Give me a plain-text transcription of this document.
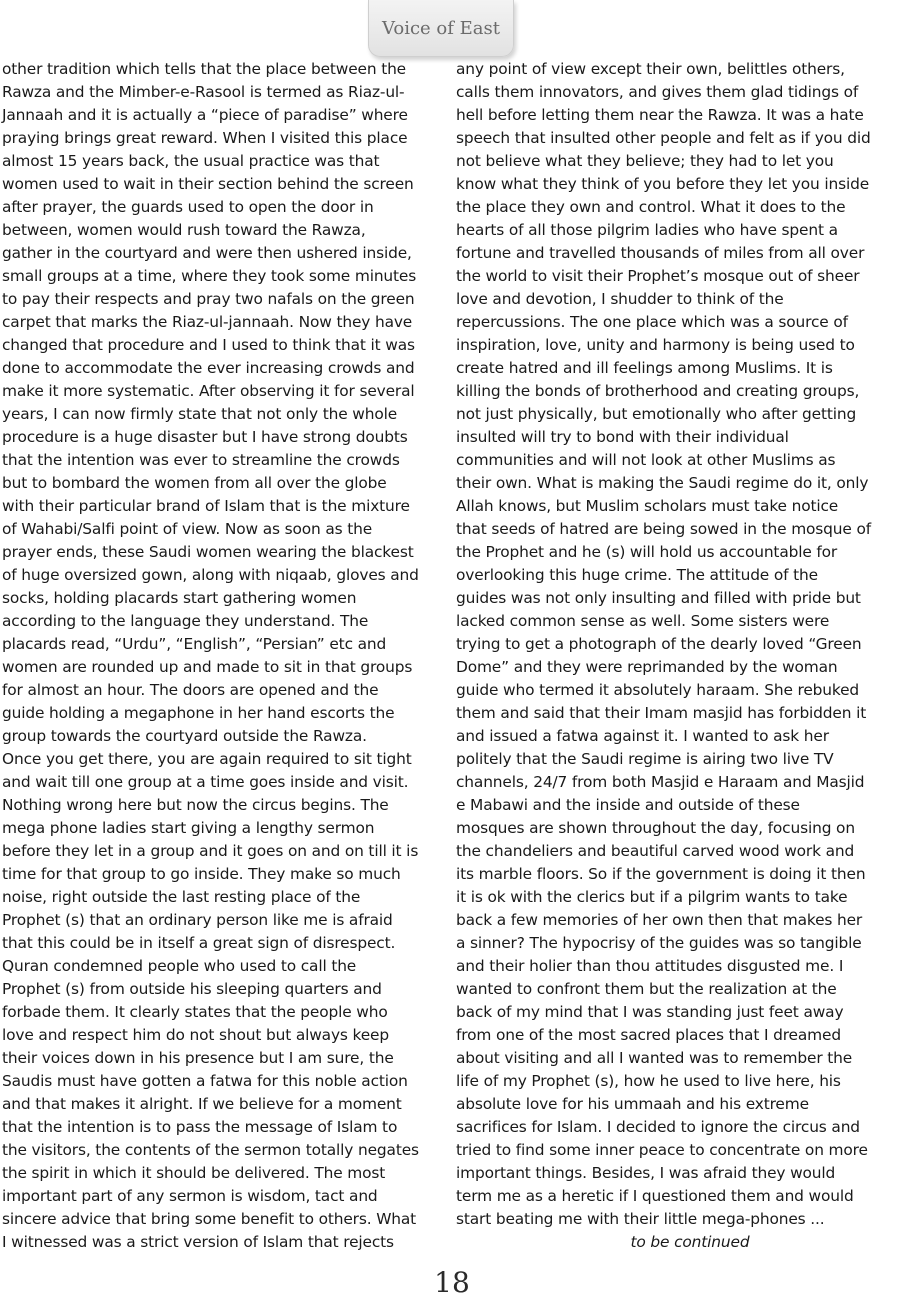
Voice of East
other tradition which tells that the place between the
Rawza and the Mimber-e-Rasool is termed as Riaz-ul-
Jannaah and it is actually a “piece of paradise” where
praying brings great reward. When I visited this place
almost 15 years back, the usual practice was that
women used to wait in their section behind the screen
after prayer, the guards used to open the door in
between, women would rush toward the Rawza,
gather in the courtyard and were then ushered inside,
small groups at a time, where they took some minutes
to pay their respects and pray two nafals on the green
carpet that marks the Riaz-ul-jannaah. Now they have
changed that procedure and I used to think that it was
done to accommodate the ever increasing crowds and
make it more systematic. After observing it for several
years, I can now firmly state that not only the whole
procedure is a huge disaster but I have strong doubts
that the intention was ever to streamline the crowds
but to bombard the women from all over the globe
with their particular brand of Islam that is the mixture
of Wahabi/Salfi point of view. Now as soon as the
prayer ends, these Saudi women wearing the blackest
of huge oversized gown, along with niqaab, gloves and
socks, holding placards start gathering women
according to the language they understand. The
placards read, “Urdu”, “English”, “Persian” etc and
women are rounded up and made to sit in that groups
for almost an hour. The doors are opened and the
guide holding a megaphone in her hand escorts the
group towards the courtyard outside the Rawza.
Once you get there, you are again required to sit tight
and wait till one group at a time goes inside and visit.
Nothing wrong here but now the circus begins. The
mega phone ladies start giving a lengthy sermon
before they let in a group and it goes on and on till it is
time for that group to go inside. They make so much
noise, right outside the last resting place of the
Prophet (s) that an ordinary person like me is afraid
that this could be in itself a great sign of disrespect.
Quran condemned people who used to call the
Prophet (s) from outside his sleeping quarters and
forbade them. It clearly states that the people who
love and respect him do not shout but always keep
their voices down in his presence but I am sure, the
Saudis must have gotten a fatwa for this noble action
and that makes it alright. If we believe for a moment
that the intention is to pass the message of Islam to
the visitors, the contents of the sermon totally negates
the spirit in which it should be delivered. The most
important part of any sermon is wisdom, tact and
sincere advice that bring some benefit to others. What
I witnessed was a strict version of Islam that rejects
any point of view except their own, belittles others,
calls them innovators, and gives them glad tidings of
hell before letting them near the Rawza. It was a hate
speech that insulted other people and felt as if you did
not believe what they believe; they had to let you
know what they think of you before they let you inside
the place they own and control. What it does to the
hearts of all those pilgrim ladies who have spent a
fortune and travelled thousands of miles from all over
the world to visit their Prophet’s mosque out of sheer
love and devotion, I shudder to think of the
repercussions. The one place which was a source of
inspiration, love, unity and harmony is being used to
create hatred and ill feelings among Muslims. It is
killing the bonds of brotherhood and creating groups,
not just physically, but emotionally who after getting
insulted will try to bond with their individual
communities and will not look at other Muslims as
their own. What is making the Saudi regime do it, only
Allah knows, but Muslim scholars must take notice
that seeds of hatred are being sowed in the mosque of
the Prophet and he (s) will hold us accountable for
overlooking this huge crime. The attitude of the
guides was not only insulting and filled with pride but
lacked common sense as well. Some sisters were
trying to get a photograph of the dearly loved “Green
Dome” and they were reprimanded by the woman
guide who termed it absolutely haraam. She rebuked
them and said that their Imam masjid has forbidden it
and issued a fatwa against it. I wanted to ask her
politely that the Saudi regime is airing two live TV
channels, 24/7 from both Masjid e Haraam and Masjid
e Mabawi and the inside and outside of these
mosques are shown throughout the day, focusing on
the chandeliers and beautiful carved wood work and
its marble floors. So if the government is doing it then
it is ok with the clerics but if a pilgrim wants to take
back a few memories of her own then that makes her
a sinner? The hypocrisy of the guides was so tangible
and their holier than thou attitudes disgusted me. I
wanted to confront them but the realization at the
back of my mind that I was standing just feet away
from one of the most sacred places that I dreamed
about visiting and all I wanted was to remember the
life of my Prophet (s), how he used to live here, his
absolute love for his ummaah and his extreme
sacrifices for Islam. I decided to ignore the circus and
tried to find some inner peace to concentrate on more
important things. Besides, I was afraid they would
term me as a heretic if I questioned them and would
start beating me with their little mega-phones ...
to be continued
18
